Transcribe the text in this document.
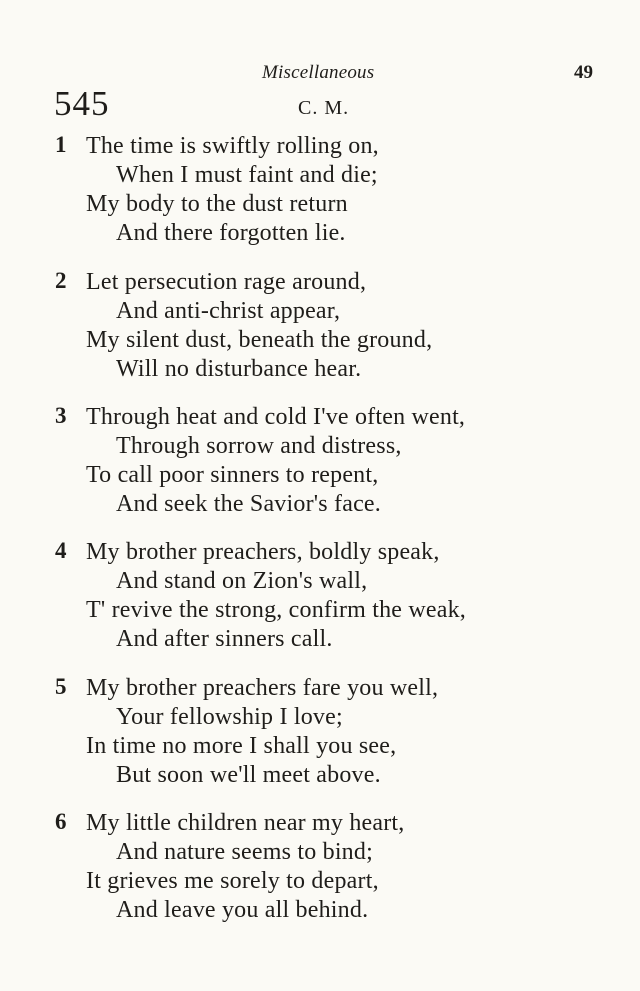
Miscellaneous	49
545	C. M.
1 The time is swiftly rolling on,
When I must faint and die;
My body to the dust return
And there forgotten lie.
2 Let persecution rage around,
And anti-christ appear,
My silent dust, beneath the ground,
Will no disturbance hear.
3 Through heat and cold I've often went,
Through sorrow and distress,
To call poor sinners to repent,
And seek the Savior's face.
4 My brother preachers, boldly speak,
And stand on Zion's wall,
T' revive the strong, confirm the weak,
And after sinners call.
5 My brother preachers fare you well,
Your fellowship I love;
In time no more I shall you see,
But soon we'll meet above.
6 My little children near my heart,
And nature seems to bind;
It grieves me sorely to depart,
And leave you all behind.
